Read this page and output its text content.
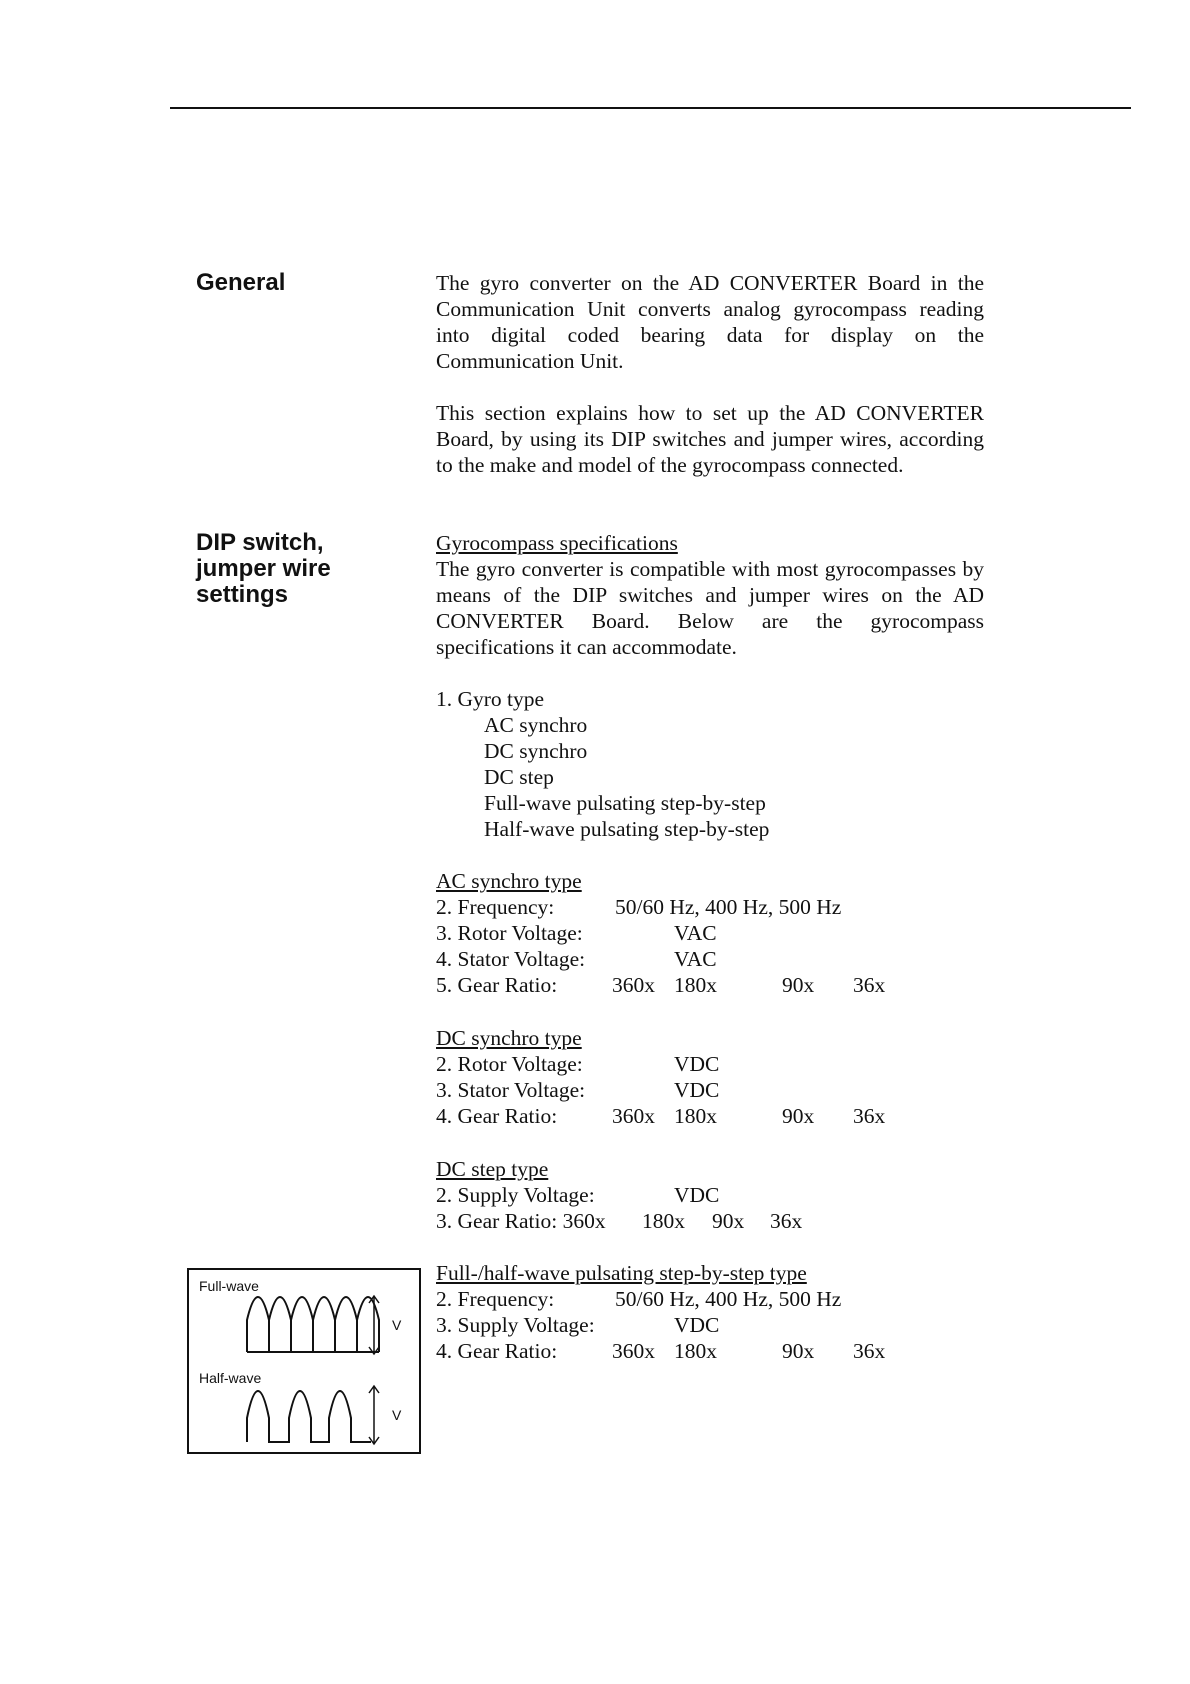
General	The gyro converter on the AD CONVERTER Board in the Communication Unit converts analog gyrocompass reading into digital coded bearing data for display on the Communication Unit.

This section explains how to set up the AD CONVERTER Board, by using its DIP switches and jumper wires, according to the make and model of the gyrocompass connected.

DIP switch,
jumper wire
settings
Gyrocompass specifications

The gyro converter is compatible with most gyrocompasses by means of the DIP switches and jumper wires on the AD CONVERTER Board. Below are the gyrocompass specifications it can accommodate.

1. Gyro type
AC synchro
DC synchro
DC step
Full-wave pulsating step-by-step
Half-wave pulsating step-by-step
AC synchro type
2. Frequency:	50/60 Hz, 400 Hz, 500 Hz
3. Rotor Voltage:	VAC
4. Stator Voltage:	VAC
5. Gear Ratio:	360x 180x	90x 36x
DC synchro type
2. Rotor Voltage:	VDC
3. Stator Voltage:	VDC
4. Gear Ratio:	360x 180x	90x 36x
DC step type
2. Supply Voltage:	VDC
3. Gear Ratio: 360x 180x 90x 36x
Full-/half-wave pulsating step-by-step type
2. Frequency:	50/60 Hz, 400 Hz, 500 Hz
3. Supply Voltage:	VDC
4. Gear Ratio:	360x 180x	90x 36x
Full-wave
Half-wave
V
V
